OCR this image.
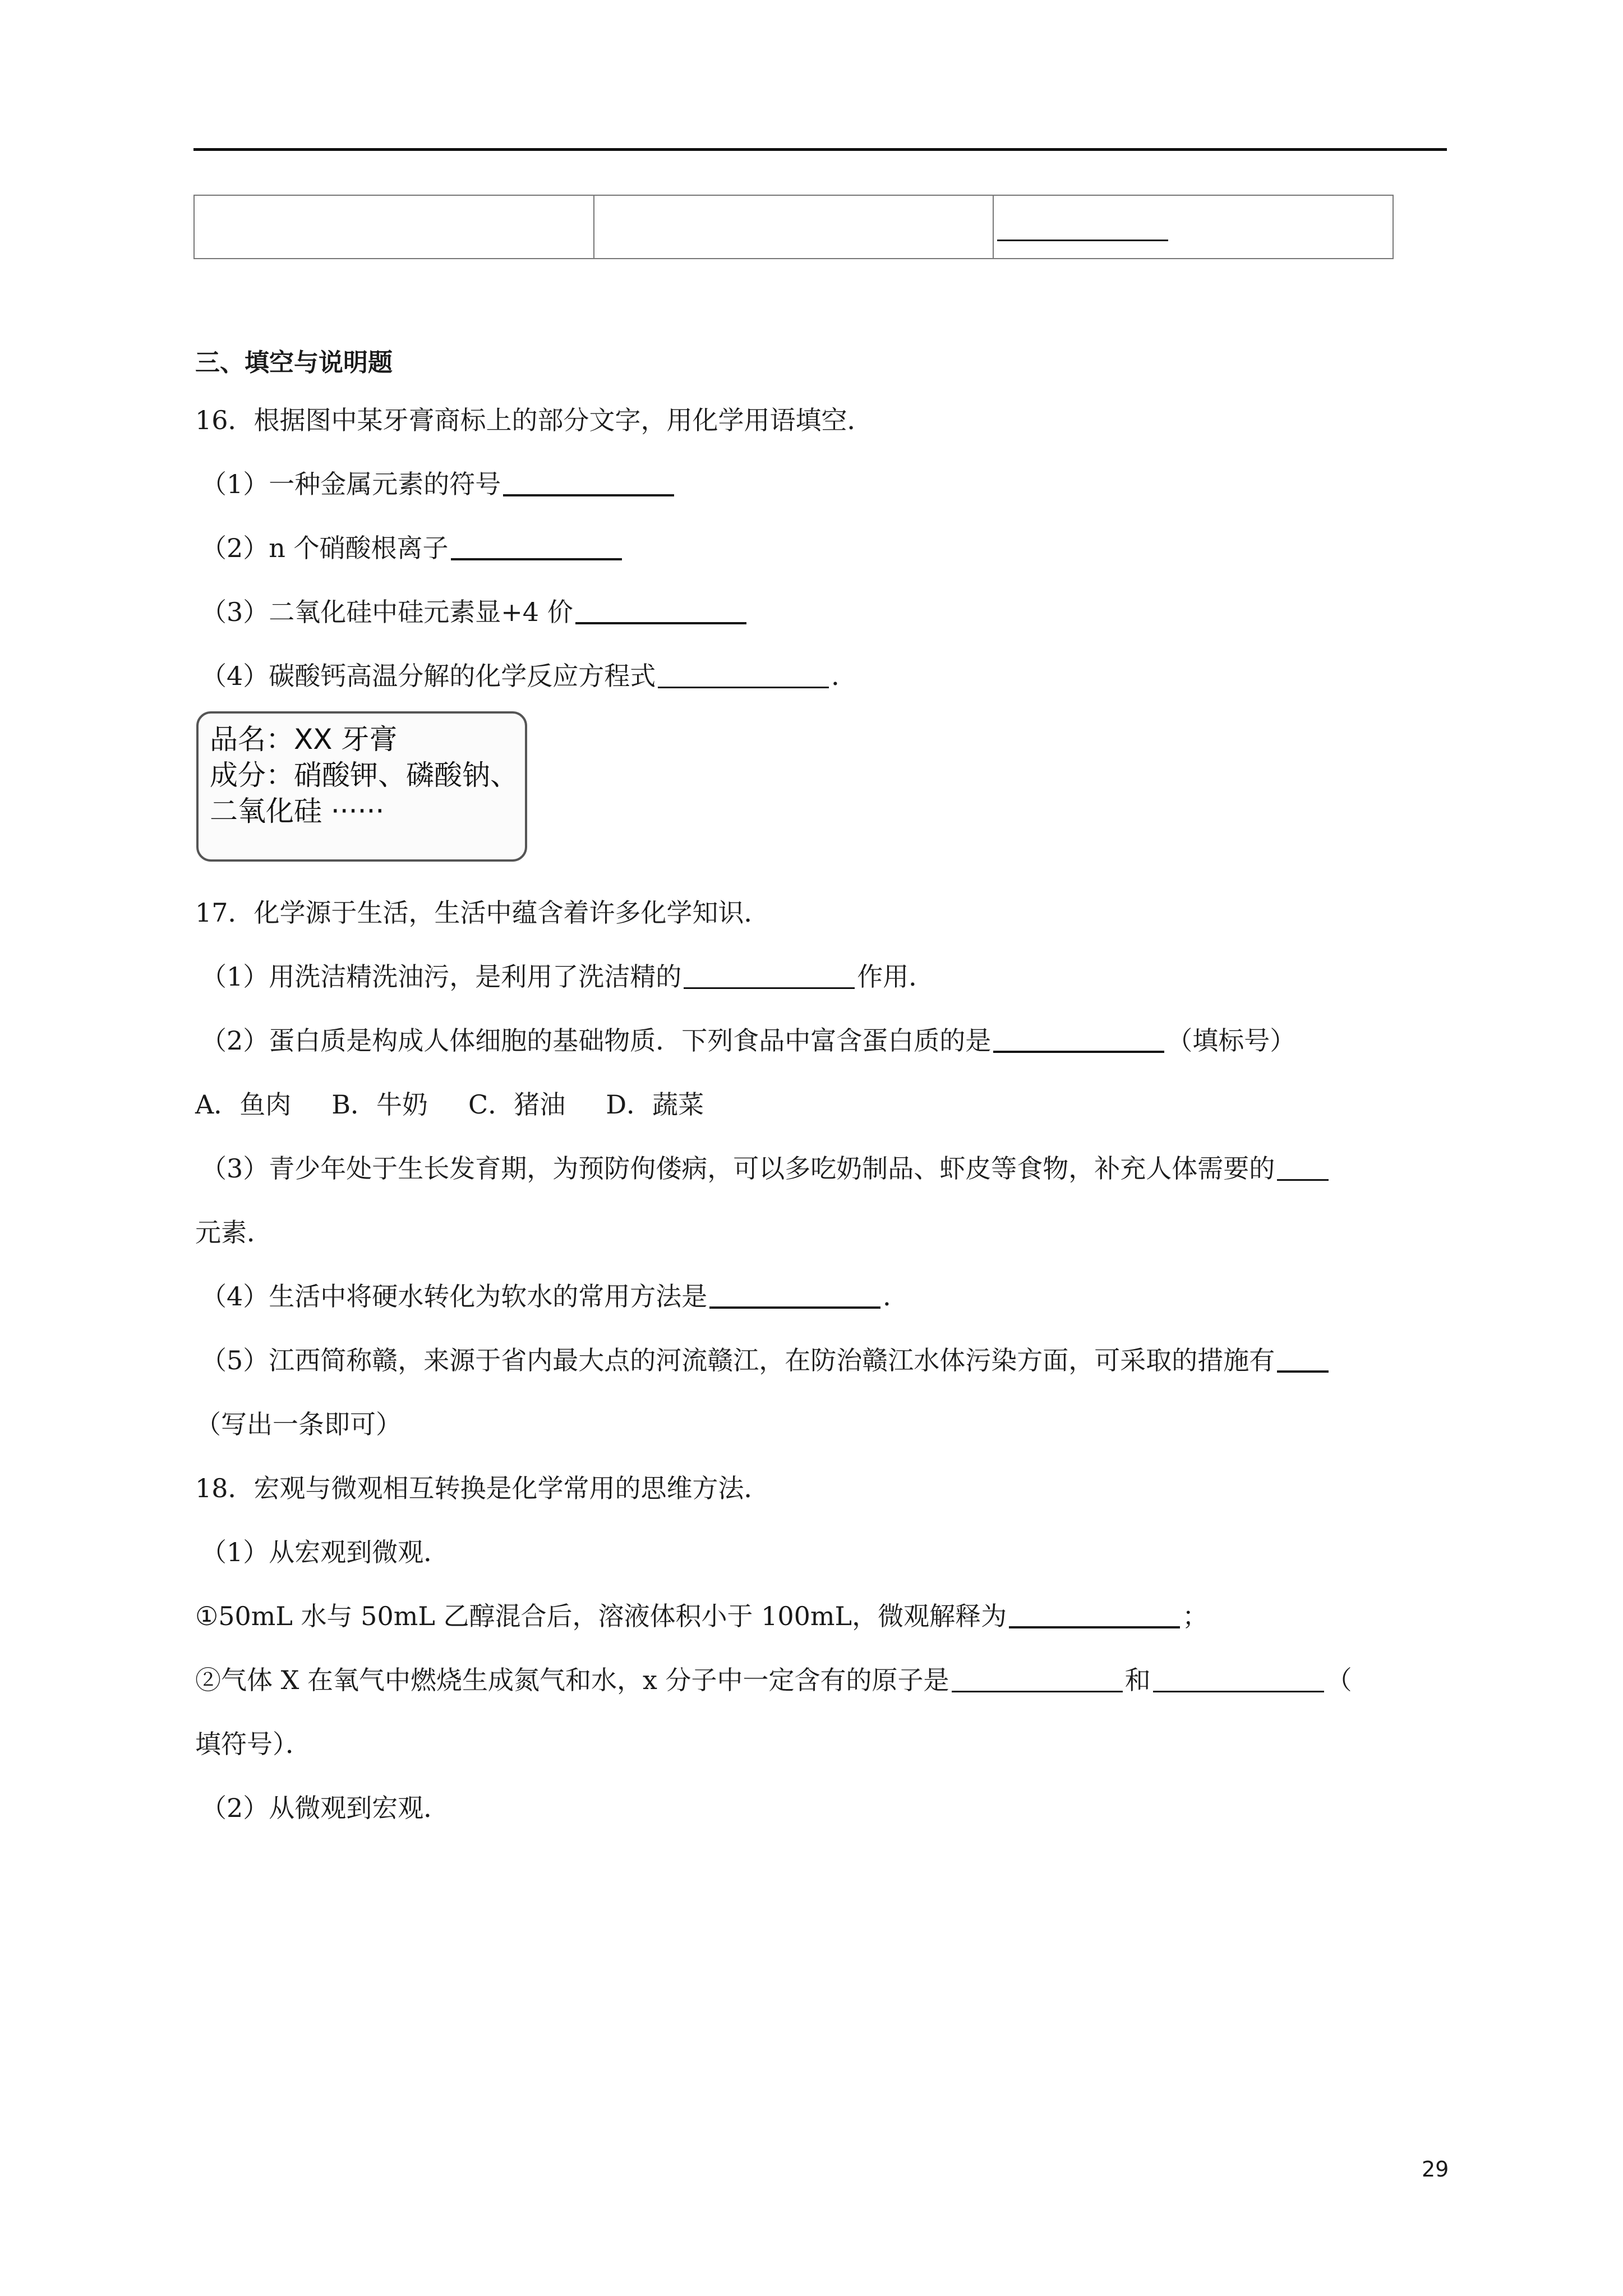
三、填空与说明题
16．根据图中某牙膏商标上的部分文字，用化学用语填空．
（1）一种金属元素的符号
（2）n 个硝酸根离子
（3）二氧化硅中硅元素显+4 价
（4）碳酸钙高温分解的化学反应方程式	．
品名：XX 牙膏
成分：硝酸钾、磷酸钠、
二氧化硅 ······
17．化学源于生活，生活中蕴含着许多化学知识．
（1）用洗洁精洗油污，是利用了洗洁精的	作用．
（2）蛋白质是构成人体细胞的基础物质．下列食品中富含蛋白质的是	（填标号）
A．鱼肉 B．牛奶 C．猪油 D．蔬菜
（3）青少年处于生长发育期，为预防佝偻病，可以多吃奶制品、虾皮等食物，补充人体需要的
元素．
（4）生活中将硬水转化为软水的常用方法是	．
（5）江西简称赣，来源于省内最大点的河流赣江，在防治赣江水体污染方面，可采取的措施有
（写出一条即可）
18．宏观与微观相互转换是化学常用的思维方法．
（1）从宏观到微观．
①50mL 水与 50mL 乙醇混合后，溶液体积小于 100mL，微观解释为	；
②气体 X 在氧气中燃烧生成氮气和水，x 分子中一定含有的原子是	和	（
填符号）．
（2）从微观到宏观．
29
